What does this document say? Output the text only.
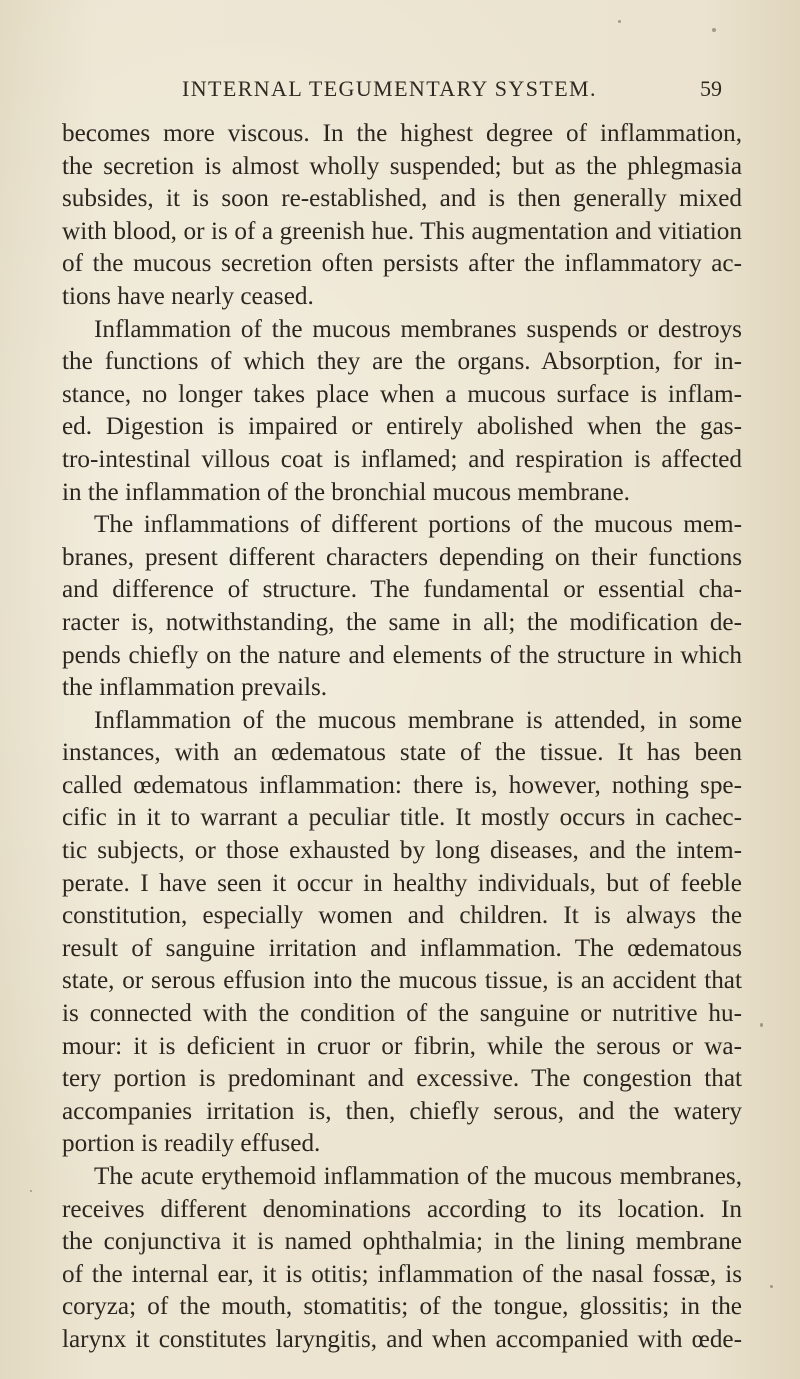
INTERNAL TEGUMENTARY SYSTEM.	59
becomes more viscous. In the highest degree of inflammation,
the secretion is almost wholly suspended; but as the phlegmasia
subsides, it is soon re-established, and is then generally mixed
with blood, or is of a greenish hue. This augmentation and vitiation
of the mucous secretion often persists after the inflammatory ac-
tions have nearly ceased.
Inflammation of the mucous membranes suspends or destroys
the functions of which they are the organs. Absorption, for in-
stance, no longer takes place when a mucous surface is inflam-
ed. Digestion is impaired or entirely abolished when the gas-
tro-intestinal villous coat is inflamed; and respiration is affected
in the inflammation of the bronchial mucous membrane.
The inflammations of different portions of the mucous mem-
branes, present different characters depending on their functions
and difference of structure. The fundamental or essential cha-
racter is, notwithstanding, the same in all; the modification de-
pends chiefly on the nature and elements of the structure in which
the inflammation prevails.
Inflammation of the mucous membrane is attended, in some
instances, with an œdematous state of the tissue. It has been
called œdematous inflammation: there is, however, nothing spe-
cific in it to warrant a peculiar title. It mostly occurs in cachec-
tic subjects, or those exhausted by long diseases, and the intem-
perate. I have seen it occur in healthy individuals, but of feeble
constitution, especially women and children. It is always the
result of sanguine irritation and inflammation. The œdematous
state, or serous effusion into the mucous tissue, is an accident that
is connected with the condition of the sanguine or nutritive hu-
mour: it is deficient in cruor or fibrin, while the serous or wa-
tery portion is predominant and excessive. The congestion that
accompanies irritation is, then, chiefly serous, and the watery
portion is readily effused.
The acute erythemoid inflammation of the mucous membranes,
receives different denominations according to its location. In
the conjunctiva it is named ophthalmia; in the lining membrane
of the internal ear, it is otitis; inflammation of the nasal fossæ, is
coryza; of the mouth, stomatitis; of the tongue, glossitis; in the
larynx it constitutes laryngitis, and when accompanied with œde-
